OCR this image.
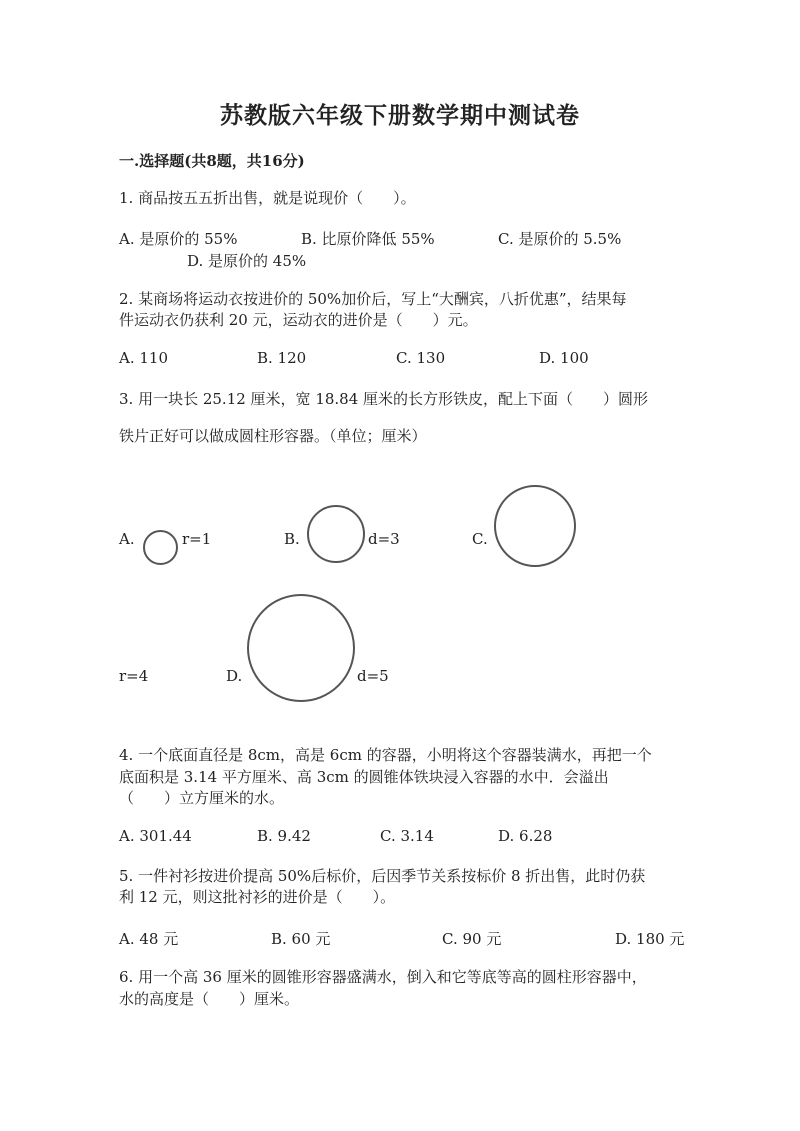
苏教版六年级下册数学期中测试卷
一.选择题(共8题，共16分)
1. 商品按五五折出售，就是说现价（　　）。
A. 是原价的 55%	B. 比原价降低 55%	C. 是原价的 5.5%
D. 是原价的 45%
2. 某商场将运动衣按进价的 50%加价后，写上“大酬宾，八折优惠”，结果每
件运动衣仍获利 20 元，运动衣的进价是（　　）元。
A. 110	B. 120	C. 130	D. 100
3. 用一块长 25.12 厘米，宽 18.84 厘米的长方形铁皮，配上下面（　　）圆形
铁片正好可以做成圆柱形容器。（单位；厘米）
A.	r=1	B.	d=3	C.
r=4	D.	d=5
4. 一个底面直径是 8cm，高是 6cm 的容器，小明将这个容器装满水，再把一个
底面积是 3.14 平方厘米、高 3cm 的圆锥体铁块浸入容器的水中．会溢出
（　　）立方厘米的水。
A. 301.44	B. 9.42	C. 3.14	D. 6.28
5. 一件衬衫按进价提高 50%后标价，后因季节关系按标价 8 折出售，此时仍获
利 12 元，则这批衬衫的进价是（　　）。
A. 48 元	B. 60 元	C. 90 元	D. 180 元
6. 用一个高 36 厘米的圆锥形容器盛满水，倒入和它等底等高的圆柱形容器中，
水的高度是（　　）厘米。
